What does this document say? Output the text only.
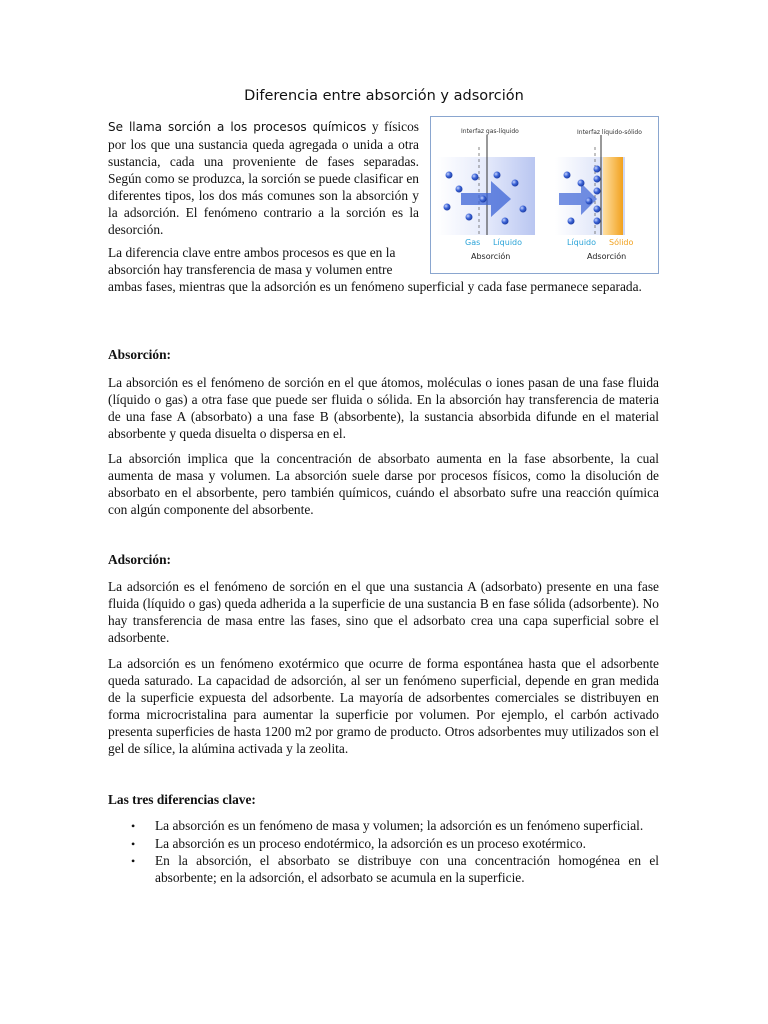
Diferencia entre absorción y adsorción

Se llama sorción a los procesos químicos y físicos por los que una sustancia queda agregada o unida a otra sustancia, cada una proveniente de fases separadas. Según como se produzca, la sorción se puede clasificar en diferentes tipos, los dos más comunes son la absorción y la adsorción. El fenómeno contrario a la sorción es la desorción.

La diferencia clave entre ambos procesos es que en la

absorción hay transferencia de masa y volumen entre

ambas fases, mientras que la adsorción es un fenómeno superficial y cada fase permanece separada.

Interfaz gas-líquido	Interfaz líquido-sólido
Gas Líquido	Líquido Sólido
Absorción	Adsorción

Absorción:

La absorción es el fenómeno de sorción en el que átomos, moléculas o iones pasan de una fase fluida (líquido o gas) a otra fase que puede ser fluida o sólida. En la absorción hay transferencia de materia de una fase A (absorbato) a una fase B (absorbente), la sustancia absorbida difunde en el material absorbente y queda disuelta o dispersa en el.

La absorción implica que la concentración de absorbato aumenta en la fase absorbente, la cual aumenta de masa y volumen. La absorción suele darse por procesos físicos, como la disolución de absorbato en el absorbente, pero también químicos, cuándo el absorbato sufre una reacción química con algún componente del absorbente.

Adsorción:

La adsorción es el fenómeno de sorción en el que una sustancia A (adsorbato) presente en una fase fluida (líquido o gas) queda adherida a la superficie de una sustancia B en fase sólida (adsorbente). No hay transferencia de masa entre las fases, sino que el adsorbato crea una capa superficial sobre el adsorbente.

La adsorción es un fenómeno exotérmico que ocurre de forma espontánea hasta que el adsorbente queda saturado. La capacidad de adsorción, al ser un fenómeno superficial, depende en gran medida de la superficie expuesta del adsorbente. La mayoría de adsorbentes comerciales se distribuyen en forma microcristalina para aumentar la superficie por volumen. Por ejemplo, el carbón activado presenta superficies de hasta 1200 m2 por gramo de producto. Otros adsorbentes muy utilizados son el gel de sílice, la alúmina activada y la zeolita.

Las tres diferencias clave:

• La absorción es un fenómeno de masa y volumen; la adsorción es un fenómeno superficial.
• La absorción es un proceso endotérmico, la adsorción es un proceso exotérmico.
• En la absorción, el absorbato se distribuye con una concentración homogénea en el absorbente; en la adsorción, el adsorbato se acumula en la superficie.
